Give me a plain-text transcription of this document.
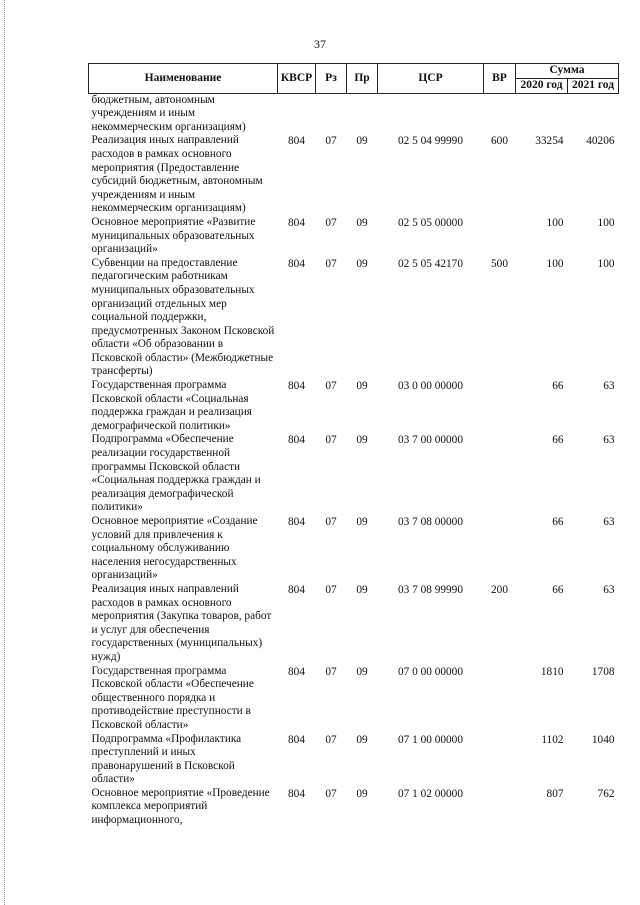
37
Наименование	КВСР	Рз	Пр	ЦСР	ВР	Сумма	
						2020 год	2021 год
бюджетным, автономным учреждениям и иным некоммерческим организациям)							
Реализация иных направлений расходов в рамках основного мероприятия (Предоставление субсидий бюджетным, автономным учреждениям и иным некоммерческим организациям)	804	07	09	02 5 04 99990	600	33254	40206
Основное мероприятие «Развитие муниципальных образовательных организаций»	804	07	09	02 5 05 00000		100	100
Субвенции на предоставление педагогическим работникам муниципальных образовательных организаций отдельных мер социальной поддержки, предусмотренных Законом Псковской области «Об образовании в Псковской области» (Межбюджетные трансферты)	804	07	09	02 5 05 42170	500	100	100
Государственная программа Псковской области «Социальная поддержка граждан и реализация демографической политики»	804	07	09	03 0 00 00000		66	63
Подпрограмма «Обеспечение реализации государственной программы Псковской области «Социальная поддержка граждан и реализация демографической политики»	804	07	09	03 7 00 00000		66	63
Основное мероприятие «Создание условий для привлечения к социальному обслуживанию населения негосударственных организаций»	804	07	09	03 7 08 00000		66	63
Реализация иных направлений расходов в рамках основного мероприятия (Закупка товаров, работ и услуг для обеспечения государственных (муниципальных) нужд)	804	07	09	03 7 08 99990	200	66	63
Государственная программа Псковской области «Обеспечение общественного порядка и противодействие преступности в Псковской области»	804	07	09	07 0 00 00000		1810	1708
Подпрограмма «Профилактика преступлений и иных правонарушений в Псковской области»	804	07	09	07 1 00 00000		1102	1040
Основное мероприятие «Проведение комплекса мероприятий информационного,	804	07	09	07 1 02 00000		807	762
